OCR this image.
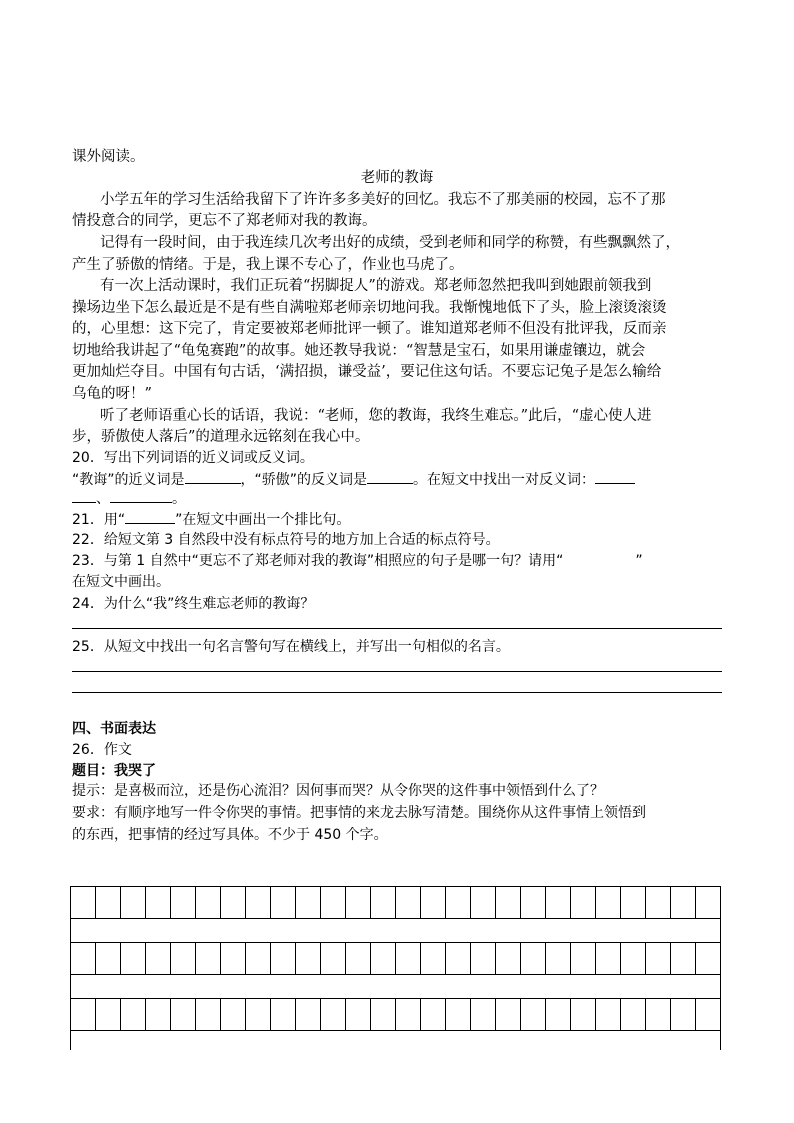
课外阅读。
老师的教诲
小学五年的学习生活给我留下了许许多多美好的回忆。我忘不了那美丽的校园，忘不了那
情投意合的同学，更忘不了郑老师对我的教诲。
记得有一段时间，由于我连续几次考出好的成绩，受到老师和同学的称赞，有些飘飘然了，
产生了骄傲的情绪。于是，我上课不专心了，作业也马虎了。
有一次上活动课时，我们正玩着“拐脚捉人”的游戏。郑老师忽然把我叫到她跟前领我到
操场边坐下怎么最近是不是有些自满啦郑老师亲切地问我。我惭愧地低下了头，脸上滚烫滚烫
的，心里想：这下完了，肯定要被郑老师批评一顿了。谁知道郑老师不但没有批评我，反而亲
切地给我讲起了“龟兔赛跑”的故事。她还教导我说：“智慧是宝石，如果用谦虚镶边，就会
更加灿烂夺目。中国有句古话，‘满招损，谦受益’，要记住这句话。不要忘记兔子是怎么输给
乌龟的呀！”
听了老师语重心长的话语，我说：“老师，您的教诲，我终生难忘。”此后，“虚心使人进
步，骄傲使人落后”的道理永远铭刻在我心中。
20．写出下列词语的近义词或反义词。
“教诲”的近义词是	，“骄傲”的反义词是	。在短文中找出一对反义词：
、	。
21．用“	”在短文中画出一个排比句。
22．给短文第 3 自然段中没有标点符号的地方加上合适的标点符号。
23．与第 1 自然中“更忘不了郑老师对我的教诲”相照应的句子是哪一句？请用“	”
在短文中画出。
24．为什么“我”终生难忘老师的教诲？
25．从短文中找出一句名言警句写在横线上，并写出一句相似的名言。
四、书面表达
26．作文
题目：我哭了
提示：是喜极而泣，还是伤心流泪？因何事而哭？从令你哭的这件事中领悟到什么了？
要求：有顺序地写一件令你哭的事情。把事情的来龙去脉写清楚。围绕你从这件事情上领悟到
的东西，把事情的经过写具体。不少于 450 个字。
